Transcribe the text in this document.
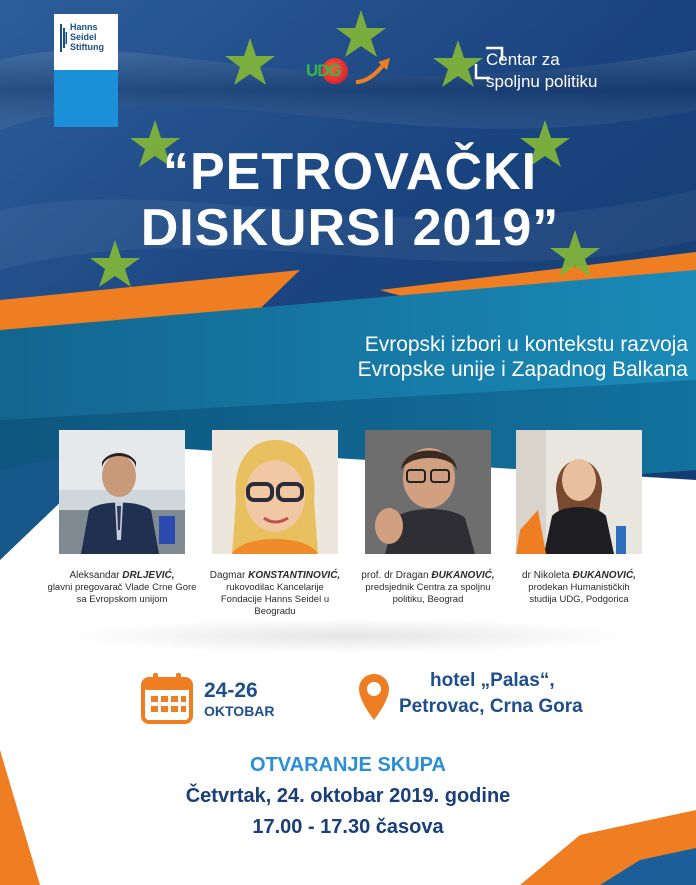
Hanns
Seidel
Stiftung
UDG
Centar za
spoljnu politiku
“PETROVAČKI
DISKURSI 2019”
Evropski izbori u kontekstu razvoja
Evropske unije i Zapadnog Balkana
Aleksandar DRLJEVIĆ,
glavni pregovarač Vlade Crne Gore
sa Evropskom unijom
Dagmar KONSTANTINOVIĆ,
rukovodilac Kancelarije
Fondacije Hanns Seidel u Beogradu
prof. dr Dragan ĐUKANOVIĆ,
predsjednik Centra za spoljnu
politiku, Beograd
dr Nikoleta ĐUKANOVIĆ,
prodekan Humanističkih
studija UDG, Podgorica
24-26
OKTOBAR
hotel „Palas“,
Petrovac, Crna Gora
OTVARANJE SKUPA
Četvrtak, 24. oktobar 2019. godine
17.00 - 17.30 časova
